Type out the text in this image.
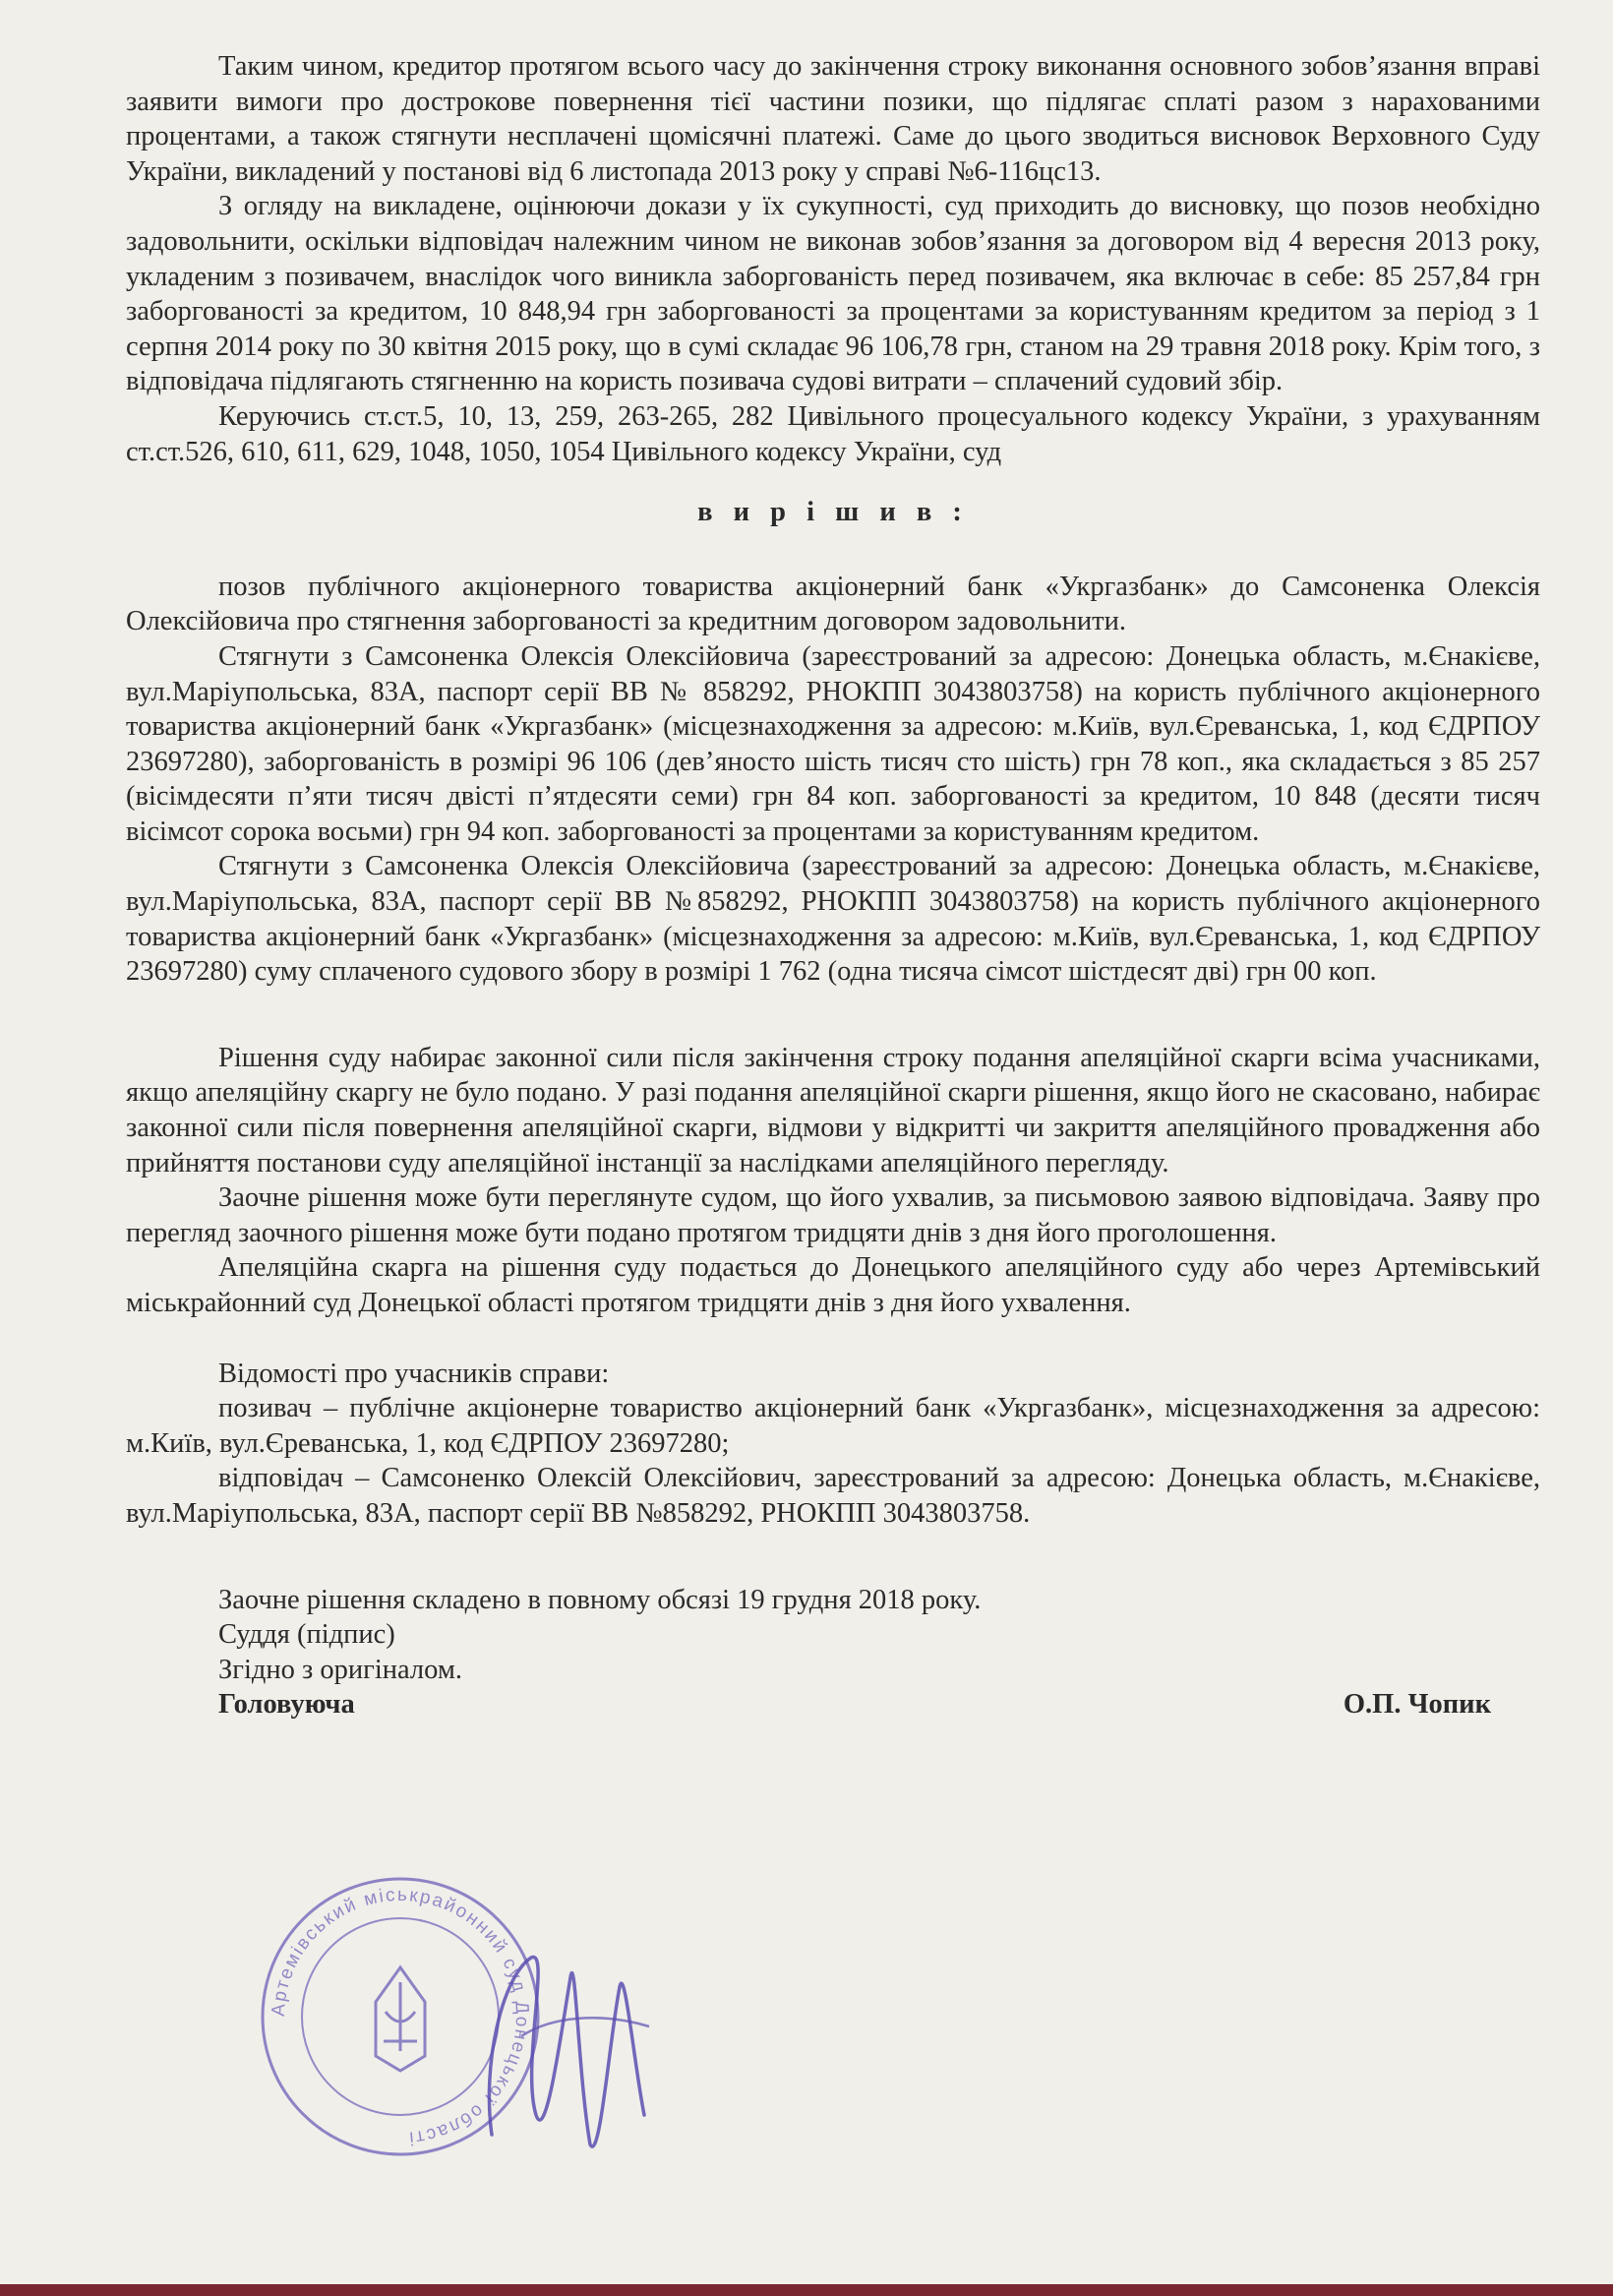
Таким чином, кредитор протягом всього часу до закінчення строку виконання основного зобов’язання вправі заявити вимоги про дострокове повернення тієї частини позики, що підлягає сплаті разом з нарахованими процентами, а також стягнути несплачені щомісячні платежі. Саме до цього зводиться висновок Верховного Суду України, викладений у постанові від 6 листопада 2013 року у справі №6-116цс13.

З огляду на викладене, оцінюючи докази у їх сукупності, суд приходить до висновку, що позов необхідно задовольнити, оскільки відповідач належним чином не виконав зобов’язання за договором від 4 вересня 2013 року, укладеним з позивачем, внаслідок чого виникла заборгованість перед позивачем, яка включає в себе: 85 257,84 грн заборгованості за кредитом, 10 848,94 грн заборгованості за процентами за користуванням кредитом за період з 1 серпня 2014 року по 30 квітня 2015 року, що в сумі складає 96 106,78 грн, станом на 29 травня 2018 року. Крім того, з відповідача підлягають стягненню на користь позивача судові витрати – сплачений судовий збір.

Керуючись ст.ст.5, 10, 13, 259, 263-265, 282 Цивільного процесуального кодексу України, з урахуванням ст.ст.526, 610, 611, 629, 1048, 1050, 1054 Цивільного кодексу України, суд

в и р і ш и в :

позов публічного акціонерного товариства акціонерний банк «Укргазбанк» до Самсоненка Олексія Олексійовича про стягнення заборгованості за кредитним договором задовольнити.

Стягнути з Самсоненка Олексія Олексійовича (зареєстрований за адресою: Донецька область, м.Єнакієве, вул.Маріупольська, 83А, паспорт серії ВВ № 858292, РНОКПП 3043803758) на користь публічного акціонерного товариства акціонерний банк «Укргазбанк» (місцезнаходження за адресою: м.Київ, вул.Єреванська, 1, код ЄДРПОУ 23697280), заборгованість в розмірі 96 106 (дев’яносто шість тисяч сто шість) грн 78 коп., яка складається з 85 257 (вісімдесяти п’яти тисяч двісті п’ятдесяти семи) грн 84 коп. заборгованості за кредитом, 10 848 (десяти тисяч вісімсот сорока восьми) грн 94 коп. заборгованості за процентами за користуванням кредитом.

Стягнути з Самсоненка Олексія Олексійовича (зареєстрований за адресою: Донецька область, м.Єнакієве, вул.Маріупольська, 83А, паспорт серії ВВ №858292, РНОКПП 3043803758) на користь публічного акціонерного товариства акціонерний банк «Укргазбанк» (місцезнаходження за адресою: м.Київ, вул.Єреванська, 1, код ЄДРПОУ 23697280) суму сплаченого судового збору в розмірі 1 762 (одна тисяча сімсот шістдесят дві) грн 00 коп.

Рішення суду набирає законної сили після закінчення строку подання апеляційної скарги всіма учасниками, якщо апеляційну скаргу не було подано. У разі подання апеляційної скарги рішення, якщо його не скасовано, набирає законної сили після повернення апеляційної скарги, відмови у відкритті чи закриття апеляційного провадження або прийняття постанови суду апеляційної інстанції за наслідками апеляційного перегляду.

Заочне рішення може бути переглянуте судом, що його ухвалив, за письмовою заявою відповідача. Заяву про перегляд заочного рішення може бути подано протягом тридцяти днів з дня його проголошення.

Апеляційна скарга на рішення суду подається до Донецького апеляційного суду або через Артемівський міськрайонний суд Донецької області протягом тридцяти днів з дня його ухвалення.

Відомості про учасників справи:

позивач – публічне акціонерне товариство акціонерний банк «Укргазбанк», місцезнаходження за адресою: м.Київ, вул.Єреванська, 1, код ЄДРПОУ 23697280;

відповідач – Самсоненко Олексій Олексійович, зареєстрований за адресою: Донецька область, м.Єнакієве, вул.Маріупольська, 83А, паспорт серії ВВ №858292, РНОКПП 3043803758.

Заочне рішення складено в повному обсязі 19 грудня 2018 року.

Суддя (підпис)

Згідно з оригіналом.

Головуюча	О.П. Чопик
Артемівський міськрайонний суд Донецької області
